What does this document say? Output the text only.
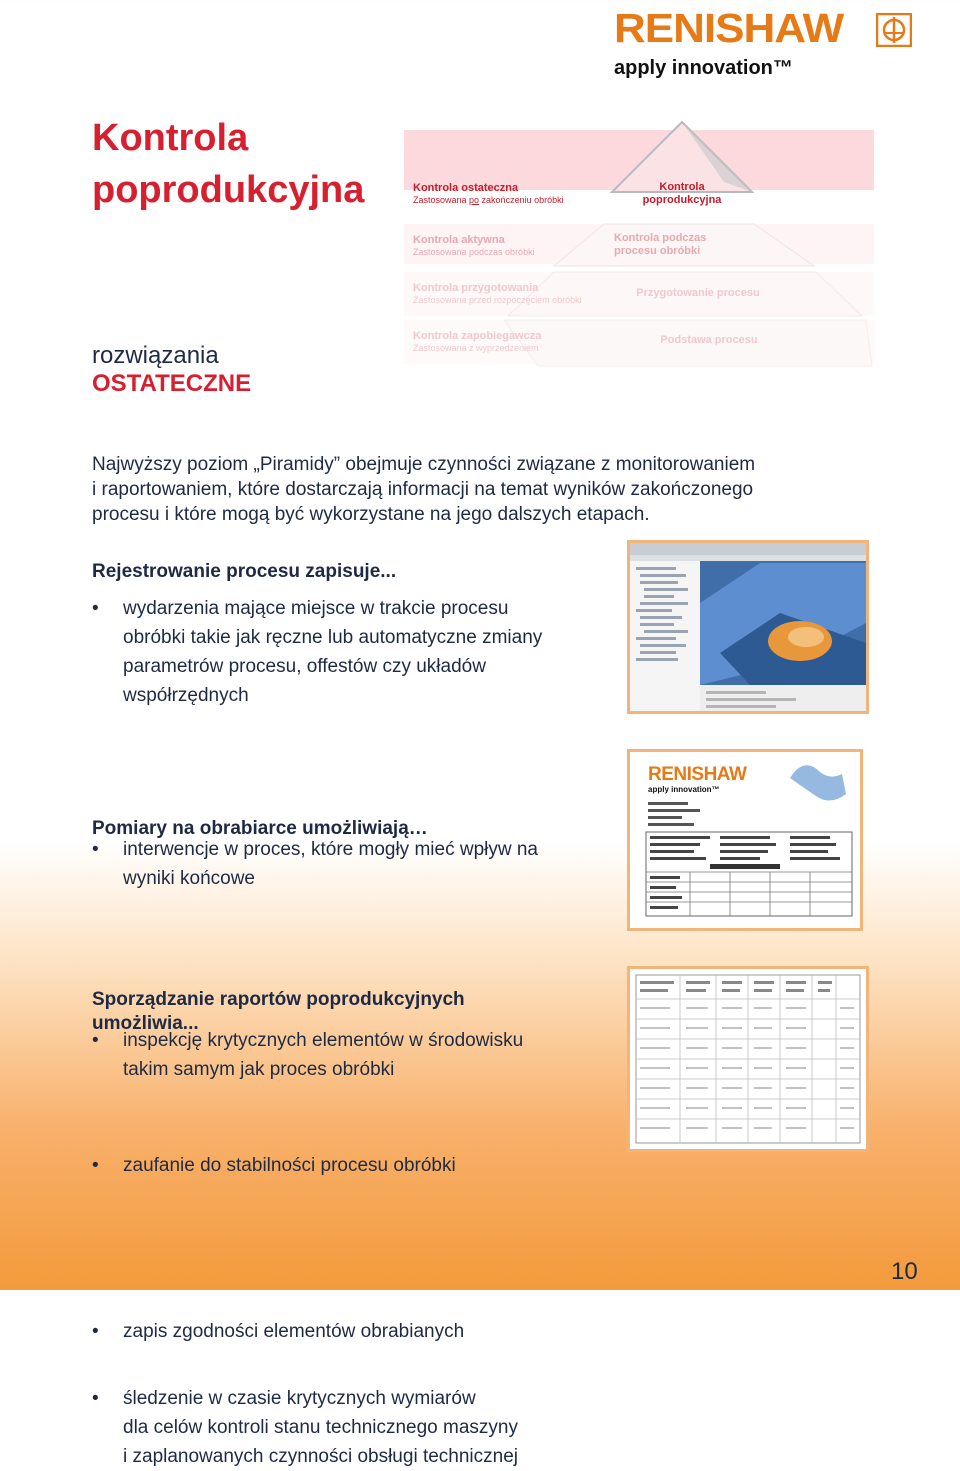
RENISHAW
apply innovation™
Kontrola
poprodukcyjna	Kontrola ostateczna
Zastosowana po zakończeniu obróbki
Kontrola aktywna
Zastosowana podczas obróbki
Kontrola przygotowania
Zastosowana przed rozpoczęciem obróbki
Kontrola zapobiegawcza
Zastosowana z wyprzedzeniem
Kontrola
poprodukcyjna
Kontrola podczas
procesu obróbki
Przygotowanie procesu
Podstawa procesu
rozwiązania
OSTATECZNE

Najwyższy poziom „Piramidy” obejmuje czynności związane z monitorowaniem
i raportowaniem, które dostarczają informacji na temat wyników zakończonego
procesu i które mogą być wykorzystane na jego dalszych etapach.

Rejestrowanie procesu zapisuje...
• wydarzenia mające miejsce w trakcie procesu
obróbki takie jak ręczne lub automatyczne zmiany
parametrów procesu, offestów czy układów
współrzędnych
• interwencje w proces, które mogły mieć wpływ na
wyniki końcowe
Pomiary na obrabiarce umożliwiają…
• inspekcję krytycznych elementów w środowisku
takim samym jak proces obróbki
• zaufanie do stabilności procesu obróbki
Sporządzanie raportów poprodukcyjnych
umożliwia...
• zapis zgodności elementów obrabianych
• śledzenie w czasie krytycznych wymiarów
dla celów kontroli stanu technicznego maszyny
i zaplanowanych czynności obsługi technicznej
RENISHAW
apply innovation™
10
